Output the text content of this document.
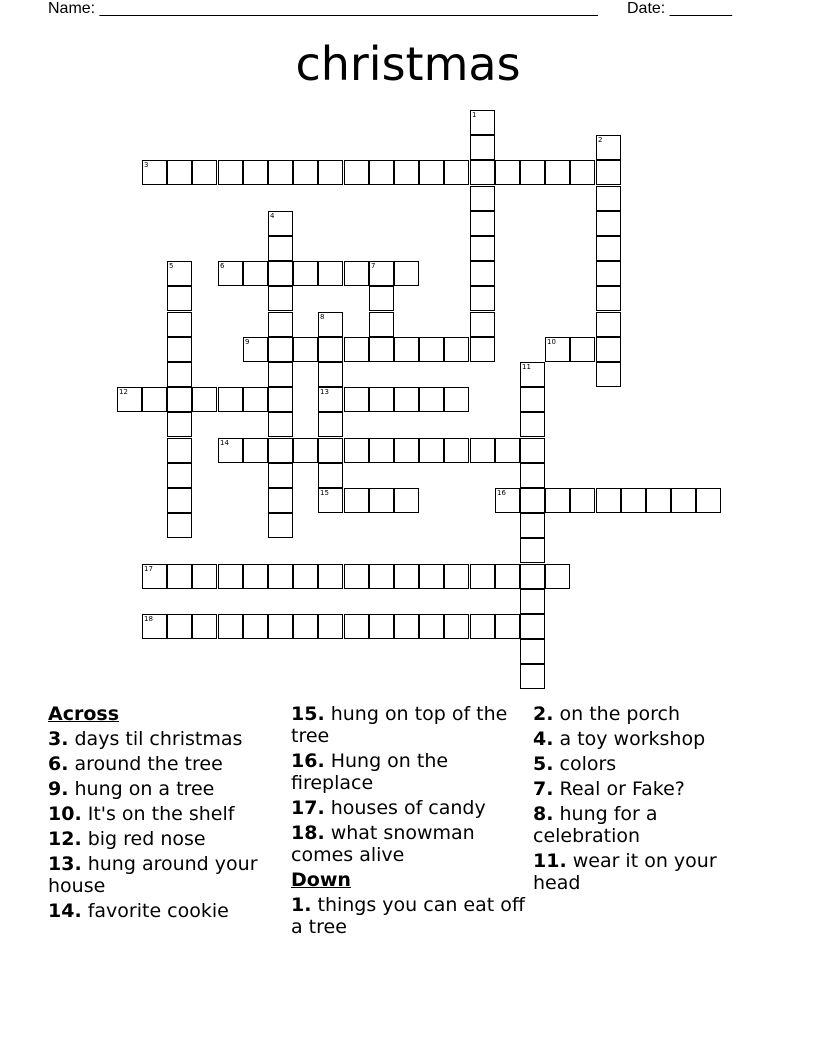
Name: ________________________________________________________ Date: _______
christmas
1
2
3
4
5	6	7
8
13
15
9	10
11
12
14
16
17
18
Across
3. days til christmas
6. around the tree
9. hung on a tree
10. It's on the shelf
12. big red nose
13. hung around your house
14. favorite cookie
15. hung on top of the tree
16. Hung on the fireplace
17. houses of candy
18. what snowman comes alive
Down
1. things you can eat off a tree
2. on the porch
4. a toy workshop
5. colors
7. Real or Fake?
8. hung for a celebration
11. wear it on your head
